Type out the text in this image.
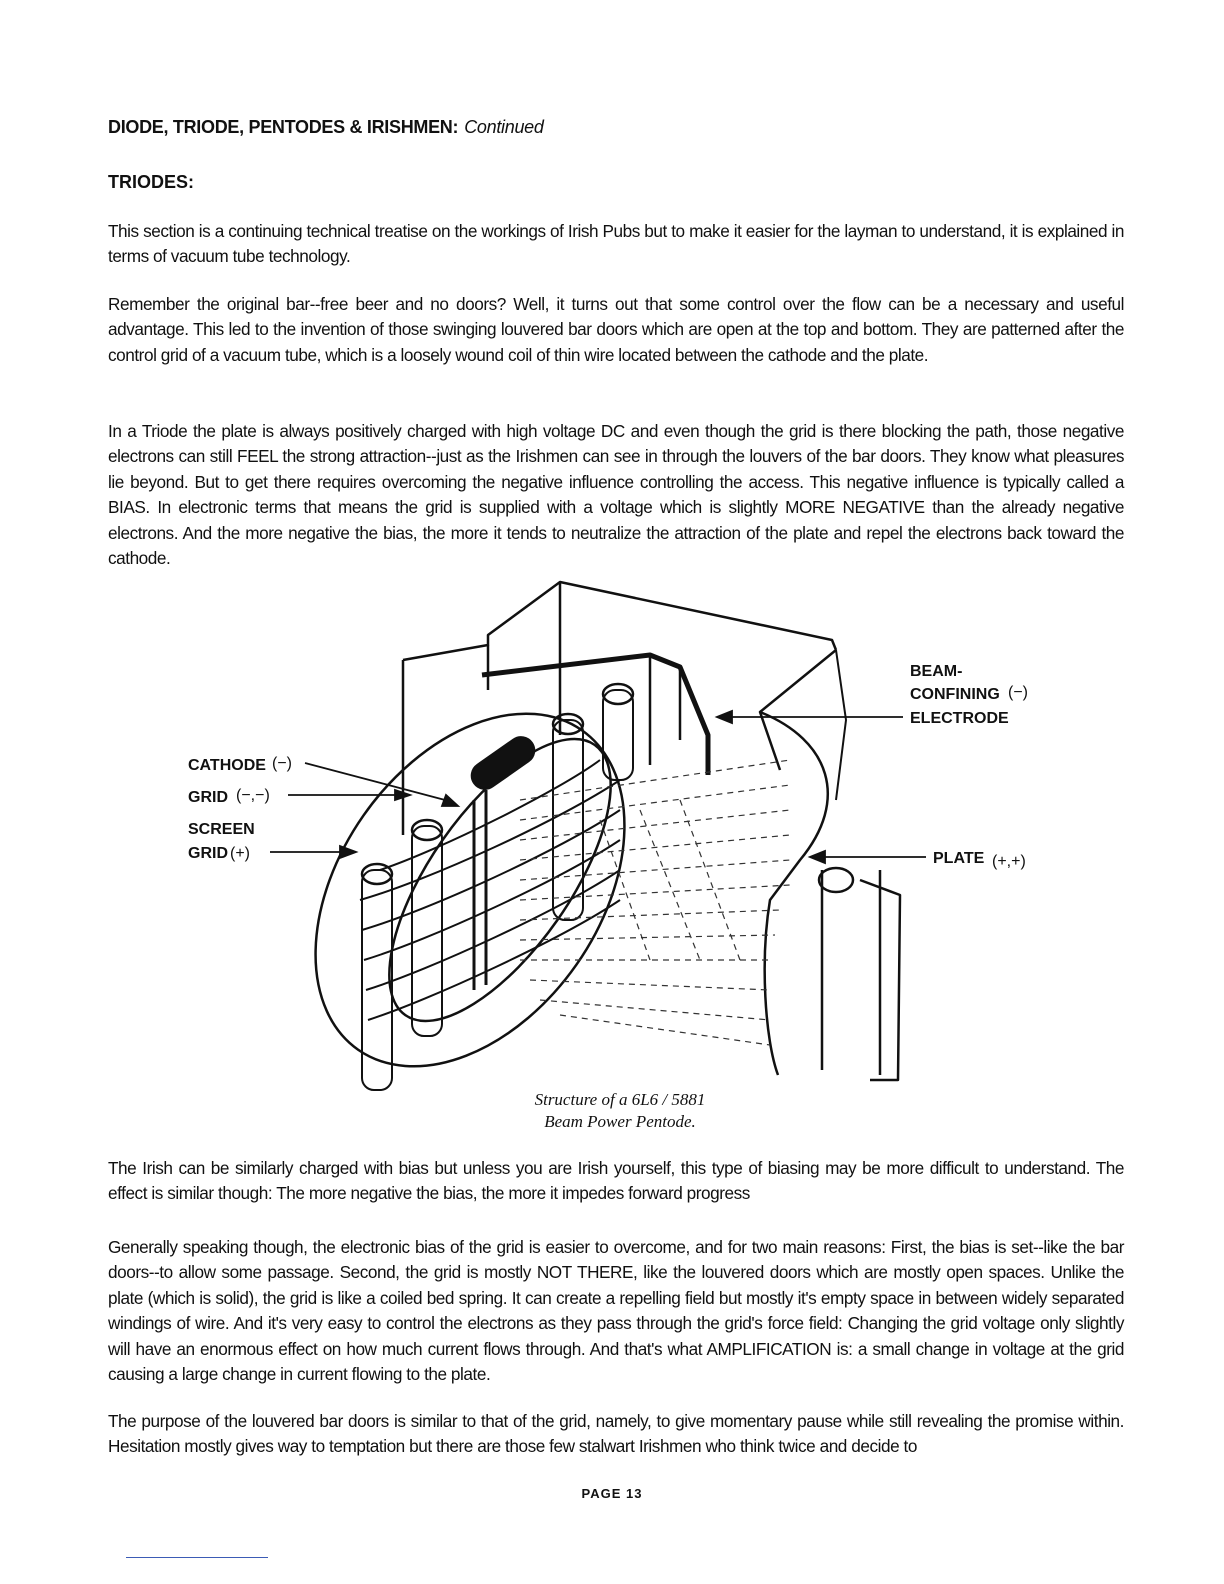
DIODE, TRIODE, PENTODES & IRISHMEN: Continued
TRIODES:

This section is a continuing technical treatise on the workings of Irish Pubs but to make it easier for the layman to understand, it is explained in terms of vacuum tube technology.

Remember the original bar--free beer and no doors? Well, it turns out that some control over the flow can be a necessary and useful advantage. This led to the invention of those swinging louvered bar doors which are open at the top and bottom. They are patterned after the control grid of a vacuum tube, which is a loosely wound coil of thin wire located between the cathode and the plate.

In a Triode the plate is always positively charged with high voltage DC and even though the grid is there blocking the path, those negative electrons can still FEEL the strong attraction--just as the Irishmen can see in through the louvers of the bar doors. They know what pleasures lie beyond. But to get there requires overcoming the negative influence controlling the access. This negative influence is typically called a BIAS. In electronic terms that means the grid is supplied with a voltage which is slightly MORE NEGATIVE than the already negative electrons. And the more negative the bias, the more it tends to neutralize the attraction of the plate and repel the electrons back toward the cathode.

BEAM-
CONFINING (−)
ELECTRODE
CATHODE (−)
GRID (−,−)
SCREEN
GRID (+)	PLATE (+,+)
Structure of a 6L6 / 5881
Beam Power Pentode.

The Irish can be similarly charged with bias but unless you are Irish yourself, this type of biasing may be more difficult to understand. The effect is similar though: The more negative the bias, the more it impedes forward progress

Generally speaking though, the electronic bias of the grid is easier to overcome, and for two main reasons: First, the bias is set--like the bar doors--to allow some passage. Second, the grid is mostly NOT THERE, like the louvered doors which are mostly open spaces. Unlike the plate (which is solid), the grid is like a coiled bed spring. It can create a repelling field but mostly it's empty space in between widely separated windings of wire. And it's very easy to control the electrons as they pass through the grid's force field: Changing the grid voltage only slightly will have an enormous effect on how much current flows through. And that's what AMPLIFICATION is: a small change in voltage at the grid causing a large change in current flowing to the plate.

The purpose of the louvered bar doors is similar to that of the grid, namely, to give momentary pause while still revealing the promise within. Hesitation mostly gives way to temptation but there are those few stalwart Irishmen who think twice and decide to

PAGE 13
